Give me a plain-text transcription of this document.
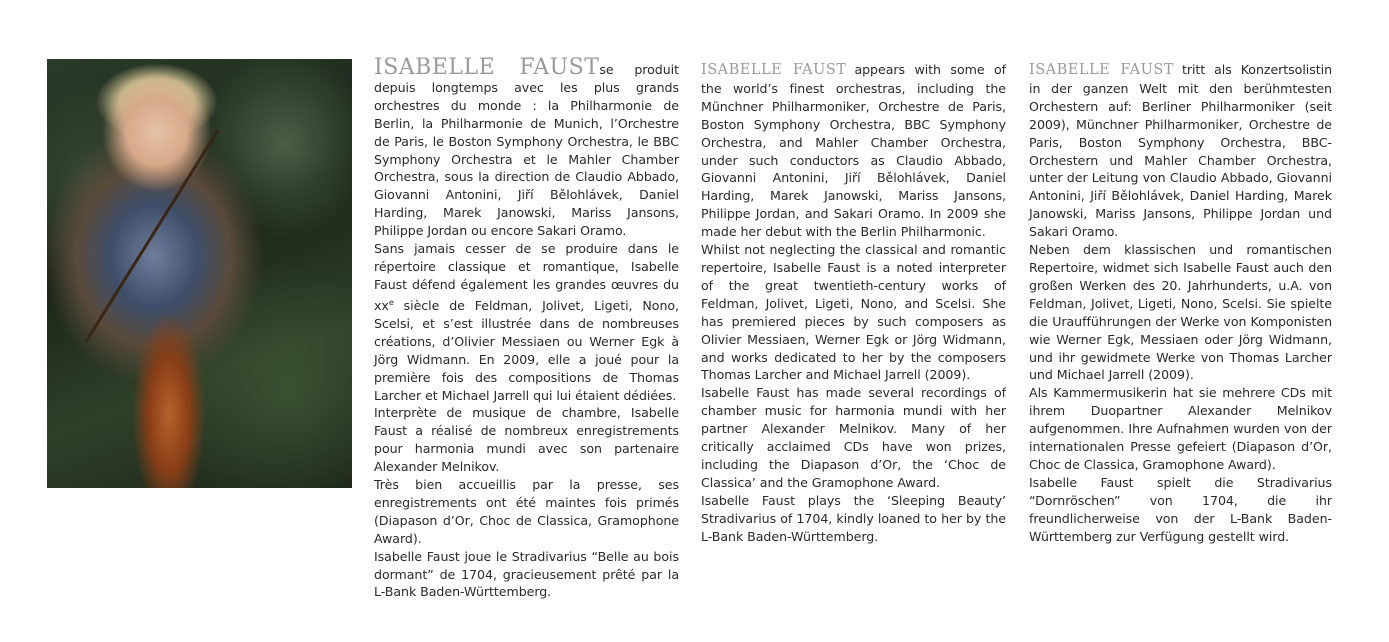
ISABELLE FAUSTse produit depuis longtemps avec les plus grands orchestres du monde : la Philharmonie de Berlin, la Philharmonie de Munich, l’Orchestre de Paris, le Boston Symphony Orchestra, le BBC Symphony Orchestra et le Mahler Chamber Orchestra, sous la direction de Claudio Abbado, Giovanni Antonini, Jiří Bělohlávek, Daniel Harding, Marek Janowski, Mariss Jansons, Philippe Jordan ou encore Sakari Oramo.

Sans jamais cesser de se produire dans le répertoire classique et romantique, Isabelle Faust défend également les grandes œuvres du $xx^e$ siècle de Feldman, Jolivet, Ligeti, Nono, Scelsi, et s’est illustrée dans de nombreuses créations, d’Olivier Messiaen ou Werner Egk à Jörg Widmann. En 2009, elle a joué pour la première fois des compositions de Thomas Larcher et Michael Jarrell qui lui étaient dédiées.

Interprète de musique de chambre, Isabelle Faust a réalisé de nombreux enregistrements pour harmonia mundi avec son partenaire Alexander Melnikov.

Très bien accueillis par la presse, ses enregistrements ont été maintes fois primés (Diapason d’Or, Choc de Classica, Gramophone Award).

Isabelle Faust joue le Stradivarius “Belle au bois dormant” de 1704, gracieusement prêté par la L-Bank Baden-Württemberg.

ISABELLE FAUST appears with some of the world’s finest orchestras, including the Münchner Philharmoniker, Orchestre de Paris, Boston Symphony Orchestra, BBC Symphony Orchestra, and Mahler Chamber Orchestra, under such conductors as Claudio Abbado, Giovanni Antonini, Jiří Bělohlávek, Daniel Harding, Marek Janowski, Mariss Jansons, Philippe Jordan, and Sakari Oramo. In 2009 she made her debut with the Berlin Philharmonic.

Whilst not neglecting the classical and romantic repertoire, Isabelle Faust is a noted interpreter of the great twentieth-century works of Feldman, Jolivet, Ligeti, Nono, and Scelsi. She has premiered pieces by such composers as Olivier Messiaen, Werner Egk or Jörg Widmann, and works dedicated to her by the composers Thomas Larcher and Michael Jarrell (2009).

Isabelle Faust has made several recordings of chamber music for harmonia mundi with her partner Alexander Melnikov. Many of her critically acclaimed CDs have won prizes, including the Diapason d’Or, the ‘Choc de Classica’ and the Gramophone Award.

Isabelle Faust plays the ‘Sleeping Beauty’ Stradivarius of 1704, kindly loaned to her by the L-Bank Baden-Württemberg.

ISABELLE FAUST tritt als Konzertsolistin in der ganzen Welt mit den berühmtesten Orchestern auf: Berliner Philharmoniker (seit 2009), Münchner Philharmoniker, Orchestre de Paris, Boston Symphony Orchestra, BBC-Orchestern und Mahler Chamber Orchestra, unter der Leitung von Claudio Abbado, Giovanni Antonini, Jiří Bělohlávek, Daniel Harding, Marek Janowski, Mariss Jansons, Philippe Jordan und Sakari Oramo.

Neben dem klassischen und romantischen Repertoire, widmet sich Isabelle Faust auch den großen Werken des 20. Jahrhunderts, u.A. von Feldman, Jolivet, Ligeti, Nono, Scelsi. Sie spielte die Uraufführungen der Werke von Komponisten wie Werner Egk, Messiaen oder Jörg Widmann, und ihr gewidmete Werke von Thomas Larcher und Michael Jarrell (2009).

Als Kammermusikerin hat sie mehrere CDs mit ihrem Duopartner Alexander Melnikov aufgenommen. Ihre Aufnahmen wurden von der internationalen Presse gefeiert (Diapason d’Or, Choc de Classica, Gramophone Award).

Isabelle Faust spielt die Stradivarius “Dornröschen” von 1704, die ihr freundlicherweise von der L-Bank Baden-Württemberg zur Verfügung gestellt wird.
